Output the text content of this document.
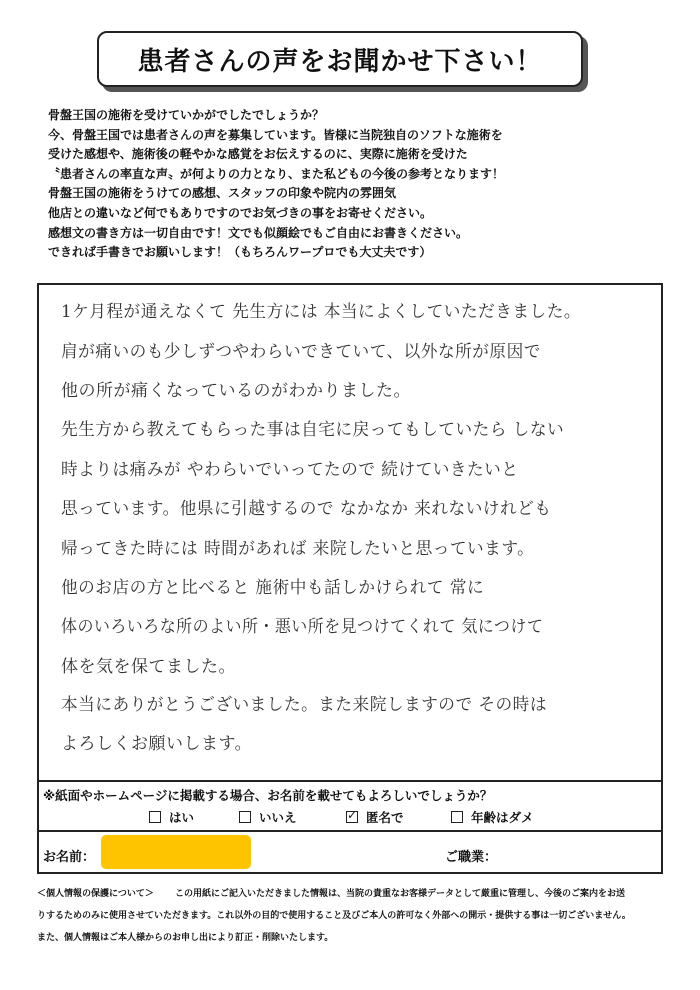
患者さんの声をお聞かせ下さい！
骨盤王国の施術を受けていかがでしたでしょうか？
今、骨盤王国では患者さんの声を募集しています。皆様に当院独自のソフトな施術を
受けた感想や、施術後の軽やかな感覚をお伝えするのに、実際に施術を受けた
〝患者さんの率直な声〟が何よりの力となり、また私どもの今後の参考となります！
骨盤王国の施術をうけての感想、スタッフの印象や院内の雰囲気
他店との違いなど何でもありですのでお気づきの事をお寄せください。
感想文の書き方は一切自由です！文でも似顔絵でもご自由にお書きください。
できれば手書きでお願いします！（もちろんワープロでも大丈夫です）
1ケ月程が通えなくて 先生方には 本当によくしていただきました。
肩が痛いのも少しずつやわらいできていて、以外な所が原因で
他の所が痛くなっているのがわかりました。
先生方から教えてもらった事は自宅に戻ってもしていたら しない
時よりは痛みが やわらいでいってたので 続けていきたいと
思っています。他県に引越するので なかなか 来れないけれども
帰ってきた時には 時間があれば 来院したいと思っています。
他のお店の方と比べると 施術中も話しかけられて 常に
体のいろいろな所のよい所・悪い所を見つけてくれて 気につけて
体を気を保てました。
本当にありがとうございました。また来院しますので その時は
よろしくお願いします。
※紙面やホームページに掲載する場合、お名前を載せてもよろしいでしょうか？
はい	いいえ
✓	匿名で	年齢はダメ
お名前：	ご職業：
＜個人情報の保護について＞ この用紙にご記入いただきました情報は、当院の貴重なお客様データとして厳重に管理し、今後のご案内をお送
りするためのみに使用させていただきます。これ以外の目的で使用すること及びご本人の許可なく外部への開示・提供する事は一切ございません。
また、個人情報はご本人様からのお申し出により訂正・削除いたします。
